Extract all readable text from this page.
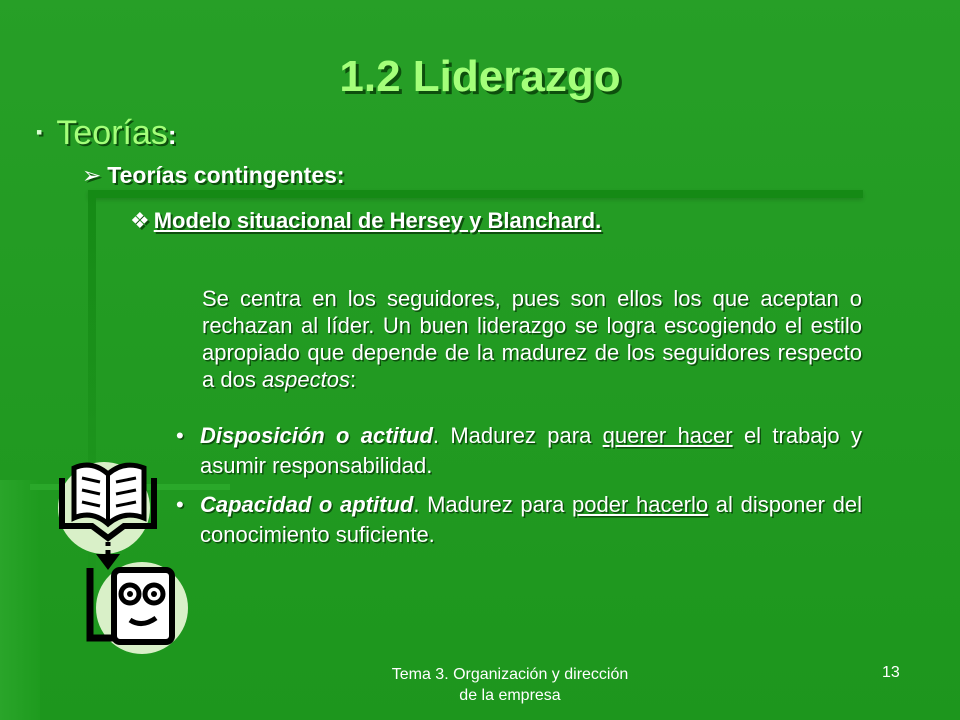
1.2 Liderazgo
▪ Teorías:
➢ Teorías contingentes:
❖ Modelo situacional de Hersey y Blanchard.
Se centra en los seguidores, pues son ellos los que aceptan o rechazan al líder. Un buen liderazgo se logra escogiendo el estilo apropiado que depende de la madurez de los seguidores respecto a dos aspectos:
• Disposición o actitud. Madurez para querer hacer el trabajo y asumir responsabilidad.
• Capacidad o aptitud. Madurez para poder hacerlo al disponer del conocimiento suficiente.
Tema 3. Organización y dirección
de la empresa
13
